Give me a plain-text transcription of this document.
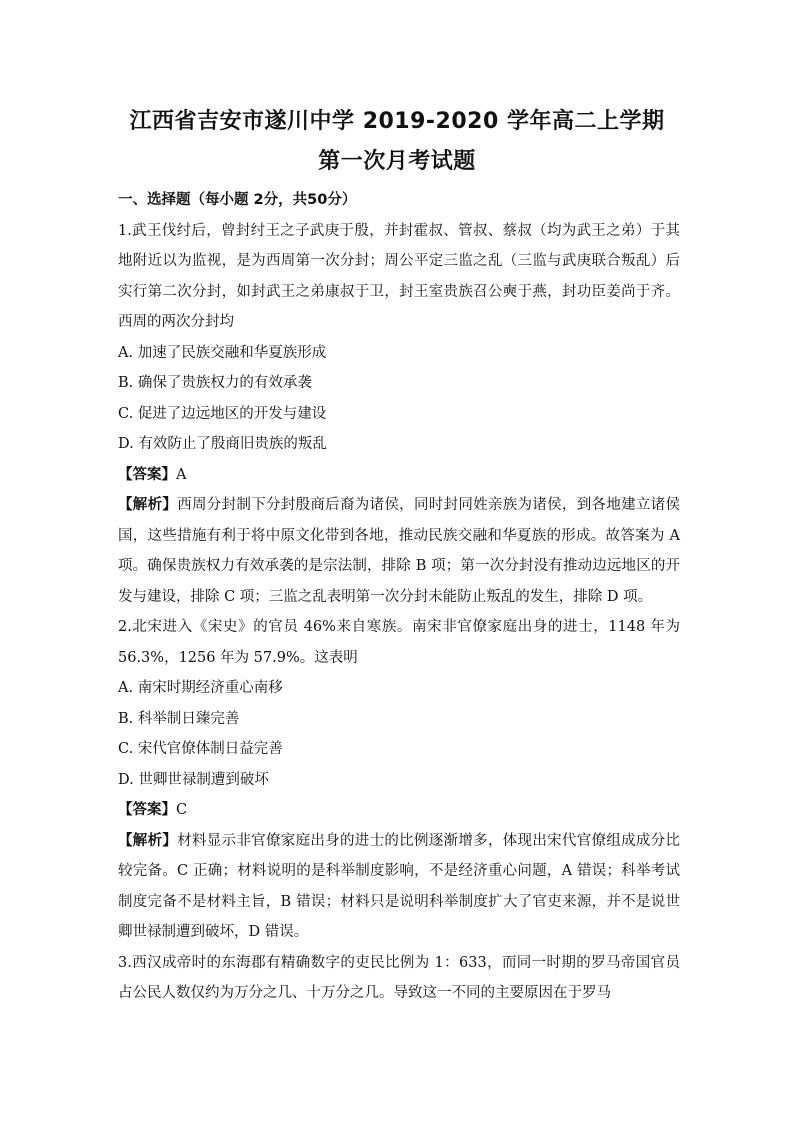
江西省吉安市遂川中学 2019-2020 学年高二上学期
第一次月考试题

一、选择题（每小题 2分，共50分）

1.武王伐纣后，曾封纣王之子武庚于殷，并封霍叔、管叔、蔡叔（均为武王之弟）于其地附近以为监视，是为西周第一次分封；周公平定三监之乱（三监与武庚联合叛乱）后实行第二次分封，如封武王之弟康叔于卫，封王室贵族召公奭于燕，封功臣姜尚于齐。西周的两次分封均

A. 加速了民族交融和华夏族形成

B. 确保了贵族权力的有效承袭

C. 促进了边远地区的开发与建设

D. 有效防止了殷商旧贵族的叛乱

【答案】A

【解析】西周分封制下分封殷商后裔为诸侯，同时封同姓亲族为诸侯，到各地建立诸侯国，这些措施有利于将中原文化带到各地，推动民族交融和华夏族的形成。故答案为 A 项。确保贵族权力有效承袭的是宗法制，排除 B 项；第一次分封没有推动边远地区的开发与建设，排除 C 项；三监之乱表明第一次分封未能防止叛乱的发生，排除 D 项。

2.北宋进入《宋史》的官员 46%来自寒族。南宋非官僚家庭出身的进士，1148 年为 56.3%，1256 年为 57.9%。这表明

A. 南宋时期经济重心南移

B. 科举制日臻完善

C. 宋代官僚体制日益完善

D. 世卿世禄制遭到破坏

【答案】C

【解析】材料显示非官僚家庭出身的进士的比例逐渐增多，体现出宋代官僚组成成分比较完备。C 正确；材料说明的是科举制度影响，不是经济重心问题，A 错误；科举考试制度完备不是材料主旨，B 错误；材料只是说明科举制度扩大了官吏来源，并不是说世卿世禄制遭到破坏，D 错误。

3.西汉成帝时的东海郡有精确数字的吏民比例为 1：633，而同一时期的罗马帝国官员占公民人数仅约为万分之几、十万分之几。导致这一不同的主要原因在于罗马
